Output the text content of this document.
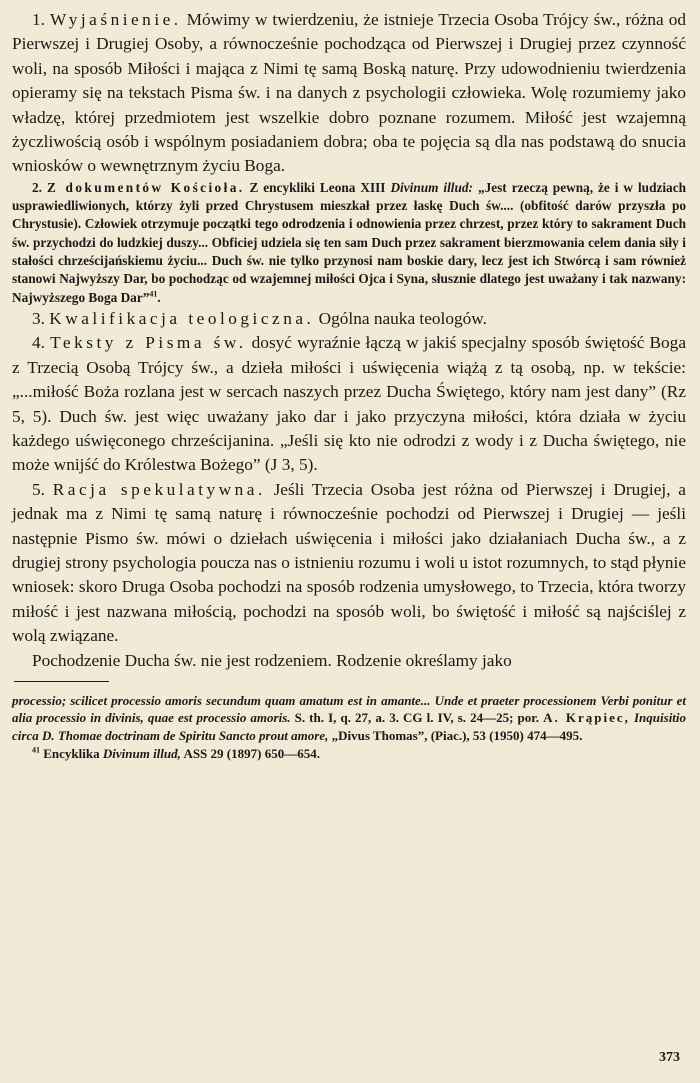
1. Wyjaśnienie. Mówimy w twierdzeniu, że istnieje Trzecia Osoba Trójcy św., różna od Pierwszej i Drugiej Osoby, a równocześnie pochodząca od Pierwszej i Drugiej przez czynność woli, na sposób Miłości i mająca z Nimi tę samą Boską naturę. Przy udowodnieniu twierdzenia opieramy się na tekstach Pisma św. i na danych z psychologii człowieka. Wolę rozumiemy jako władzę, której przedmiotem jest wszelkie dobro poznane rozumem. Miłość jest wzajemną życzliwością osób i wspólnym posiadaniem dobra; oba te pojęcia są dla nas podstawą do snucia wniosków o wewnętrznym życiu Boga.

2. Z dokumentów Kościoła. Z encykliki Leona XIII Divinum illud: „Jest rzeczą pewną, że i w ludziach usprawiedliwionych, którzy żyli przed Chrystusem mieszkał przez łaskę Duch św.... (obfitość darów przyszła po Chrystusie). Człowiek otrzymuje początki tego odrodzenia i odnowienia przez chrzest, przez który to sakrament Duch św. przychodzi do ludzkiej duszy... Obficiej udziela się ten sam Duch przez sakrament bierzmowania celem dania siły i stałości chrześcijańskiemu życiu... Duch św. nie tylko przynosi nam boskie dary, lecz jest ich Stwórcą i sam również stanowi Najwyższy Dar, bo pochodząc od wzajemnej miłości Ojca i Syna, słusznie dlatego jest uważany i tak nazwany: Najwyższego Boga Dar”$^{41}$.

3. Kwalifikacja teologiczna. Ogólna nauka teologów.

4. Teksty z Pisma św. dosyć wyraźnie łączą w jakiś specjalny sposób świętość Boga z Trzecią Osobą Trójcy św., a dzieła miłości i uświęcenia wiążą z tą osobą, np. w tekście: „...miłość Boża rozlana jest w sercach naszych przez Ducha Świętego, który nam jest dany” (Rz 5, 5). Duch św. jest więc uważany jako dar i jako przyczyna miłości, która działa w życiu każdego uświęconego chrześcijanina. „Jeśli się kto nie odrodzi z wody i z Ducha świętego, nie może wnijść do Królestwa Bożego” (J 3, 5).

5. Racja spekulatywna. Jeśli Trzecia Osoba jest różna od Pierwszej i Drugiej, a jednak ma z Nimi tę samą naturę i równocześnie pochodzi od Pierwszej i Drugiej — jeśli następnie Pismo św. mówi o dziełach uświęcenia i miłości jako działaniach Ducha św., a z drugiej strony psychologia poucza nas o istnieniu rozumu i woli u istot rozumnych, to stąd płynie wniosek: skoro Druga Osoba pochodzi na sposób rodzenia umysłowego, to Trzecia, która tworzy miłość i jest nazwana miłością, pochodzi na sposób woli, bo świętość i miłość są najściślej z wolą związane.

Pochodzenie Ducha św. nie jest rodzeniem. Rodzenie określamy jako

processio; scilicet processio amoris secundum quam amatum est in amante... Unde et praeter processionem Verbi ponitur et alia processio in divinis, quae est processio amoris. S. th. I, q. 27, a. 3. CG l. IV, s. 24—25; por. A. Krąpiec, Inquisitio circa D. Thomae doctrinam de Spiritu Sancto prout amore, „Divus Thomas”, (Piac.), 53 (1950) 474—495.

$^{41}$ Encyklika Divinum illud, ASS 29 (1897) 650—654.

373
